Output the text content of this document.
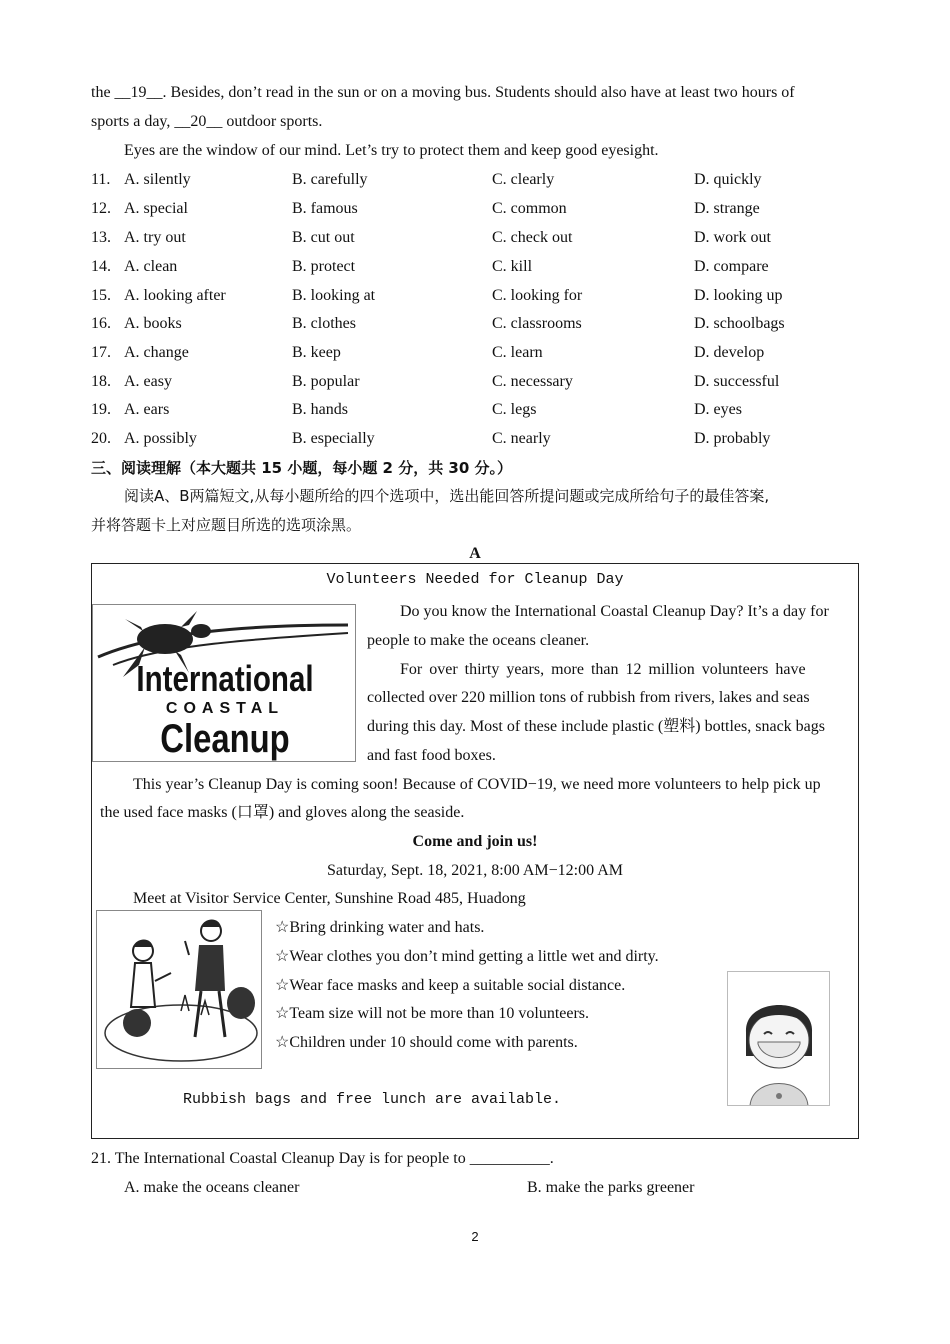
the __19__. Besides, don’t read in the sun or on a moving bus. Students should also have at least two hours of
sports a day, __20__ outdoor sports.
Eyes are the window of our mind. Let’s try to protect them and keep good eyesight.
11. A. silently	B. carefully	C. clearly	D. quickly
12. A. special	B. famous	C. common	D. strange
13. A. try out	B. cut out	C. check out	D. work out
14. A. clean	B. protect	C. kill	D. compare
15. A. looking after	B. looking at	C. looking for	D. looking up
16. A. books	B. clothes	C. classrooms	D. schoolbags
17. A. change	B. keep	C. learn	D. develop
18. A. easy	B. popular	C. necessary	D. successful
19. A. ears	B. hands	C. legs	D. eyes
20. A. possibly	B. especially	C. nearly	D. probably
三、阅读理解（本大题共 15 小题，每小题 2 分，共 30 分。）
阅读A、B两篇短文,从每小题所给的四个选项中，选出能回答所提问题或完成所给句子的最佳答案,
并将答题卡上对应题目所选的选项涂黑。
A
Volunteers Needed for Cleanup Day
International
COASTAL
Cleanup
Do you know the International Coastal Cleanup Day? It’s a day for
people to make the oceans cleaner.
For over thirty years, more than 12 million volunteers have
collected over 220 million tons of rubbish from rivers, lakes and seas
during this day. Most of these include plastic (塑料) bottles, snack bags
and fast food boxes.
This year’s Cleanup Day is coming soon! Because of COVID−19, we need more volunteers to help pick up
the used face masks (口罩) and gloves along the seaside.
Come and join us!
Saturday, Sept. 18, 2021, 8:00 AM−12:00 AM
Meet at Visitor Service Center, Sunshine Road 485, Huadong
☆Bring drinking water and hats.
☆Wear clothes you don’t mind getting a little wet and dirty.
☆Wear face masks and keep a suitable social distance.
☆Team size will not be more than 10 volunteers.
☆Children under 10 should come with parents.
Rubbish bags and free lunch are available.
21. The International Coastal Cleanup Day is for people to __________.
A. make the oceans cleaner	B. make the parks greener
2
